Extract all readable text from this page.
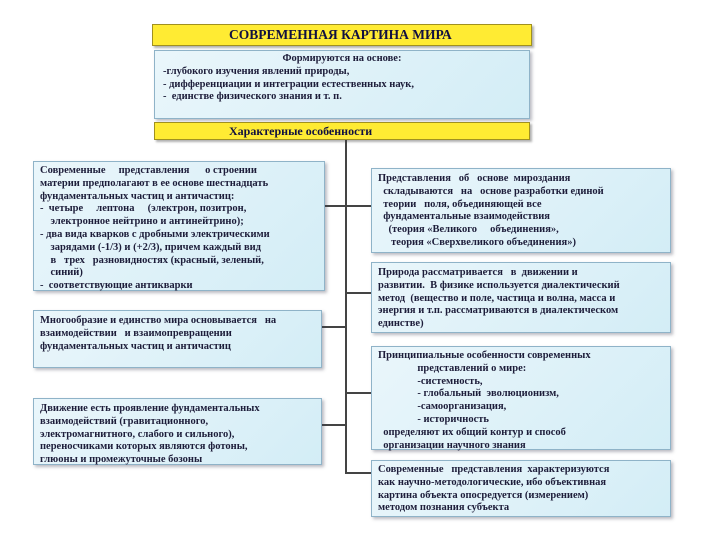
СОВРЕМЕННАЯ КАРТИНА МИРА
Формируются на основе:
-глубокого изучения явлений природы,
- дифференциации и интеграции естественных наук,
-  единстве физического знания и т. п.
Характерные особенности
Современные     представления      о строении
материи предполагают в ее основе шестнадцать
фундаментальных частиц и античастиц:
-  четыре     лептона     (электрон, позитрон,
электронное нейтрино и антинейтрино);
- два вида кварков с дробными электрическими
зарядами (-1/3) и (+2/3), причем каждый вид
в   трех   разновидностях (красный, зеленый,
синий)
-  соответствующие антикварки
Многообразие и единство мира основывается   на
взаимодействии   и взаимопревращении
фундаментальных частиц и античастиц
Движение есть проявление фундаментальных
взаимодействий (гравитационного,
электромагнитного, слабого и сильного),
переносчиками которых являются фотоны,
глюоны и промежуточные бозоны
Представления   об   основе  мироздания
складываются   на   основе разработки единой
теории   поля, объединяющей все
фундаментальные взаимодействия
(теория «Великого     объединения»,
теория «Сверхвеликого объединения»)
Природа рассматривается   в  движении и
развитии.  В физике используется диалектический
метод  (вещество и поле, частица и волна, масса и
энергия и т.п. рассматриваются в диалектическом
единстве)
Принципиальные особенности современных
представлений о мире:
-системность,
- глобальный  эволюционизм,
-самоорганизация,
- историчность
определяют их общий контур и способ
организации научного знания
Современные   представления  характеризуются
как научно-методологические, ибо объективная
картина объекта опосредуется (измерением)
методом познания субъекта
